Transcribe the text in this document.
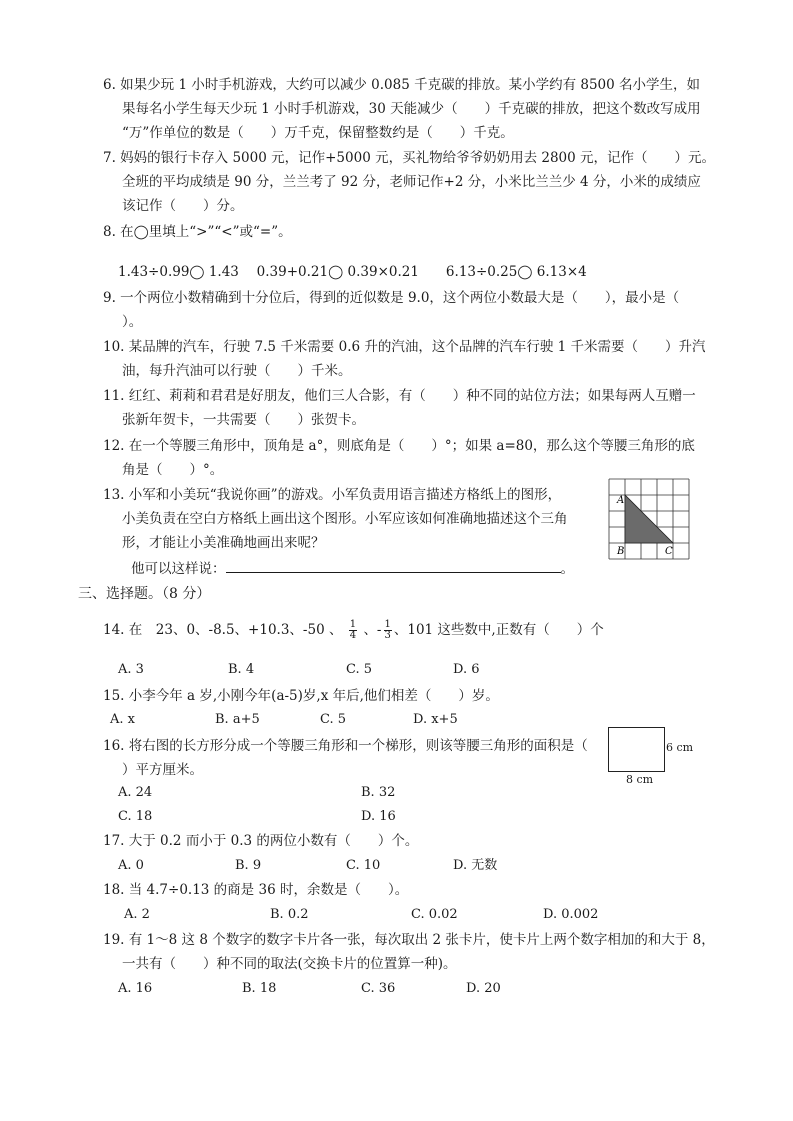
6. 如果少玩 1 小时手机游戏，大约可以减少 0.085 千克碳的排放。某小学约有 8500 名小学生，如
果每名小学生每天少玩 1 小时手机游戏，30 天能减少（　　）千克碳的排放，把这个数改写成用
“万”作单位的数是（　　）万千克，保留整数约是（　　）千克。
7. 妈妈的银行卡存入 5000 元，记作+5000 元，买礼物给爷爷奶奶用去 2800 元，记作（　　）元。
全班的平均成绩是 90 分，兰兰考了 92 分，老师记作+2 分，小米比兰兰少 4 分，小米的成绩应
该记作（　　）分。
8. 在◯里填上“>”“<”或“=”。
1.43÷0.99◯ 1.43　 0.39+0.21◯ 0.39×0.21　　6.13÷0.25◯ 6.13×4
9. 一个两位小数精确到十分位后，得到的近似数是 9.0，这个两位小数最大是（　　），最小是（
）。
10. 某品牌的汽车，行驶 7.5 千米需要 0.6 升的汽油，这个品牌的汽车行驶 1 千米需要（　　）升汽
油，每升汽油可以行驶（　　）千米。
11. 红红、莉莉和君君是好朋友，他们三人合影，有（　　）种不同的站位方法；如果每两人互赠一
张新年贺卡，一共需要（　　）张贺卡。
12. 在一个等腰三角形中，顶角是 a°，则底角是（　　）°；如果 a=80，那么这个等腰三角形的底
角是（　　）°。
13. 小军和小美玩“我说你画”的游戏。小军负责用语言描述方格纸上的图形，
小美负责在空白方格纸上画出这个图形。小军应该如何准确地描述这个三角
形，才能让小美准确地画出来呢？
他可以这样说：	。
A
B	C
三、选择题。（8 分）
14. 在　23、0、-8.5、+10.3、-50 、 $\frac{1}{4}$ 、- $\frac{1}{3}$ 、101 这些数中,正数有（　　）个
A. 3	B. 4	C. 5	D. 6
15. 小李今年 a 岁,小刚今年(a-5)岁,x 年后,他们相差（　　）岁。
A. x	B. a+5	C. 5	D. x+5
16. 将右图的长方形分成一个等腰三角形和一个梯形，则该等腰三角形的面积是（
）平方厘米。
6 cm
8 cm
A. 24	B. 32
C. 18	D. 16
17. 大于 0.2 而小于 0.3 的两位小数有（　　）个。
A. 0	B. 9	C. 10	D. 无数
18. 当 4.7÷0.13 的商是 36 时，余数是（　　）。
A. 2	B. 0.2	C. 0.02	D. 0.002
19. 有 1～8 这 8 个数字的数字卡片各一张，每次取出 2 张卡片，使卡片上两个数字相加的和大于 8，
一共有（　　）种不同的取法(交换卡片的位置算一种)。
A. 16	B. 18	C. 36	D. 20
